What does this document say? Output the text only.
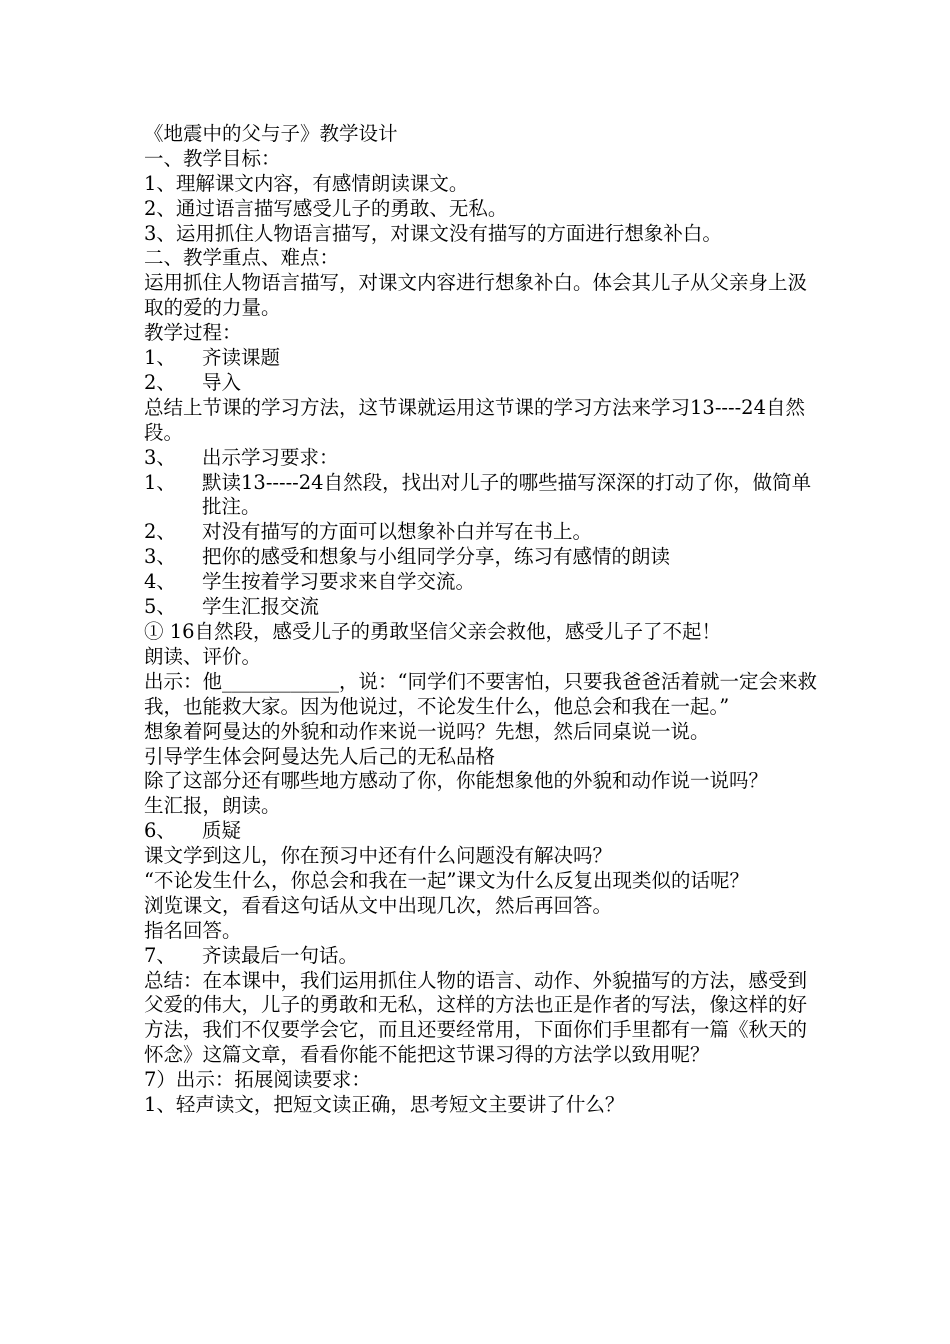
《地震中的父与子》教学设计
一、教学目标：
1、理解课文内容，有感情朗读课文。
2、通过语言描写感受儿子的勇敢、无私。
3、运用抓住人物语言描写，对课文没有描写的方面进行想象补白。
二、教学重点、难点：
运用抓住人物语言描写，对课文内容进行想象补白。体会其儿子从父亲身上汲取的爱的力量。
教学过程：
1、 齐读课题
2、 导入
总结上节课的学习方法，这节课就运用这节课的学习方法来学习13----24自然段。
3、 出示学习要求：
1、 默读13-----24自然段，找出对儿子的哪些描写深深的打动了你，做简单批注。
2、 对没有描写的方面可以想象补白并写在书上。
3、 把你的感受和想象与小组同学分享，练习有感情的朗读
4、 学生按着学习要求来自学交流。
5、 学生汇报交流
① 16自然段，感受儿子的勇敢坚信父亲会救他，感受儿子了不起！
朗读、评价。
出示：他____________，说：“同学们不要害怕，只要我爸爸活着就一定会来救我，也能救大家。因为他说过，不论发生什么，他总会和我在一起。”
想象着阿曼达的外貌和动作来说一说吗？先想，然后同桌说一说。
引导学生体会阿曼达先人后己的无私品格
除了这部分还有哪些地方感动了你，你能想象他的外貌和动作说一说吗？
生汇报，朗读。
6、 质疑
课文学到这儿，你在预习中还有什么问题没有解决吗？
“不论发生什么，你总会和我在一起”课文为什么反复出现类似的话呢？
浏览课文，看看这句话从文中出现几次，然后再回答。
指名回答。
7、 齐读最后一句话。
总结：在本课中，我们运用抓住人物的语言、动作、外貌描写的方法，感受到父爱的伟大，儿子的勇敢和无私，这样的方法也正是作者的写法，像这样的好方法，我们不仅要学会它，而且还要经常用，下面你们手里都有一篇《秋天的怀念》这篇文章，看看你能不能把这节课习得的方法学以致用呢？
7）出示：拓展阅读要求：
1、轻声读文，把短文读正确，思考短文主要讲了什么？
